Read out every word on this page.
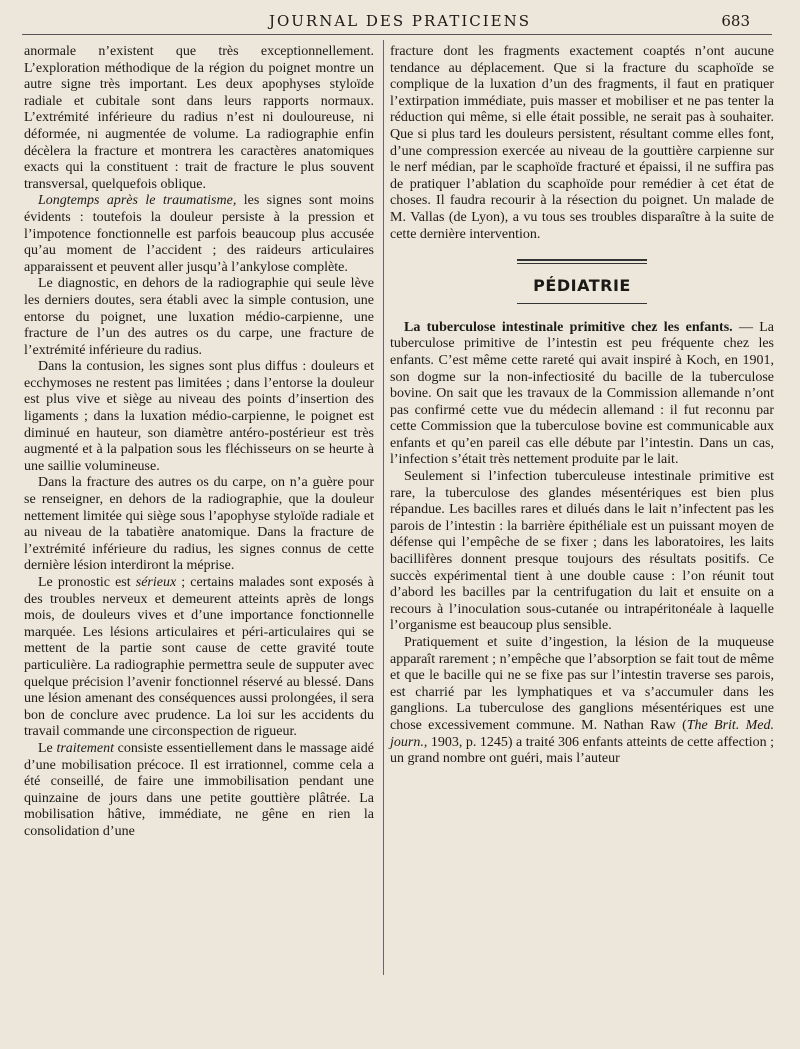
JOURNAL DES PRATICIENS	683

anormale n’existent que très exceptionnellement. L’exploration méthodique de la région du poignet montre un autre signe très important. Les deux apophyses styloïde radiale et cubitale sont dans leurs rapports normaux. L’extrémité inférieure du radius n’est ni douloureuse, ni déformée, ni augmentée de volume. La radiographie enfin décèlera la fracture et montrera les caractères anatomiques exacts qui la constituent : trait de fracture le plus souvent transversal, quelquefois oblique.

Longtemps après le traumatisme, les signes sont moins évidents : toutefois la douleur persiste à la pression et l’impotence fonctionnelle est parfois beaucoup plus accusée qu’au moment de l’accident ; des raideurs articulaires apparaissent et peuvent aller jusqu’à l’ankylose complète.

Le diagnostic, en dehors de la radiographie qui seule lève les derniers doutes, sera établi avec la simple contusion, une entorse du poignet, une luxation médio-carpienne, une fracture de l’un des autres os du carpe, une fracture de l’extrémité inférieure du radius.

Dans la contusion, les signes sont plus diffus : douleurs et ecchymoses ne restent pas limitées ; dans l’entorse la douleur est plus vive et siège au niveau des points d’insertion des ligaments ; dans la luxation médio-carpienne, le poignet est diminué en hauteur, son diamètre antéro-postérieur est très augmenté et à la palpation sous les fléchisseurs on se heurte à une saillie volumineuse.

Dans la fracture des autres os du carpe, on n’a guère pour se renseigner, en dehors de la radiographie, que la douleur nettement limitée qui siège sous l’apophyse styloïde radiale et au niveau de la tabatière anatomique. Dans la fracture de l’extrémité inférieure du radius, les signes connus de cette dernière lésion interdiront la méprise.

Le pronostic est sérieux ; certains malades sont exposés à des troubles nerveux et demeurent atteints après de longs mois, de douleurs vives et d’une importance fonctionnelle marquée. Les lésions articulaires et péri-articulaires qui se mettent de la partie sont cause de cette gravité toute particulière. La radiographie permettra seule de supputer avec quelque précision l’avenir fonctionnel réservé au blessé. Dans une lésion amenant des conséquences aussi prolongées, il sera bon de conclure avec prudence. La loi sur les accidents du travail commande une circonspection de rigueur.

Le traitement consiste essentiellement dans le massage aidé d’une mobilisation précoce. Il est irrationnel, comme cela a été conseillé, de faire une immobilisation pendant une quinzaine de jours dans une petite gouttière plâtrée. La mobilisation hâtive, immédiate, ne gêne en rien la consolidation d’une

fracture dont les fragments exactement coaptés n’ont aucune tendance au déplacement. Que si la fracture du scaphoïde se complique de la luxation d’un des fragments, il faut en pratiquer l’extirpation immédiate, puis masser et mobiliser et ne pas tenter la réduction qui même, si elle était possible, ne serait pas à souhaiter. Que si plus tard les douleurs persistent, résultant comme elles font, d’une compression exercée au niveau de la gouttière carpienne sur le nerf médian, par le scaphoïde fracturé et épaissi, il ne suffira pas de pratiquer l’ablation du scaphoïde pour remédier à cet état de choses. Il faudra recourir à la résection du poignet. Un malade de M. Vallas (de Lyon), a vu tous ses troubles disparaître à la suite de cette dernière intervention.

PÉDIATRIE

La tuberculose intestinale primitive chez les enfants. — La tuberculose primitive de l’intestin est peu fréquente chez les enfants. C’est même cette rareté qui avait inspiré à Koch, en 1901, son dogme sur la non-infectiosité du bacille de la tuberculose bovine. On sait que les travaux de la Commission allemande n’ont pas confirmé cette vue du médecin allemand : il fut reconnu par cette Commission que la tuberculose bovine est communicable aux enfants et qu’en pareil cas elle débute par l’intestin. Dans un cas, l’infection s’était très nettement produite par le lait.

Seulement si l’infection tuberculeuse intestinale primitive est rare, la tuberculose des glandes mésentériques est bien plus répandue. Les bacilles rares et dilués dans le lait n’infectent pas les parois de l’intestin : la barrière épithéliale est un puissant moyen de défense qui l’empêche de se fixer ; dans les laboratoires, les laits bacillifères donnent presque toujours des résultats positifs. Ce succès expérimental tient à une double cause : l’on réunit tout d’abord les bacilles par la centrifugation du lait et ensuite on a recours à l’inoculation sous-cutanée ou intrapéritonéale à laquelle l’organisme est beaucoup plus sensible.

Pratiquement et suite d’ingestion, la lésion de la muqueuse apparaît rarement ; n’empêche que l’absorption se fait tout de même et que le bacille qui ne se fixe pas sur l’intestin traverse ses parois, est charrié par les lymphatiques et va s’accumuler dans les ganglions. La tuberculose des ganglions mésentériques est une chose excessivement commune. M. Nathan Raw (The Brit. Med. journ., 1903, p. 1245) a traité 306 enfants atteints de cette affection ; un grand nombre ont guéri, mais l’auteur
